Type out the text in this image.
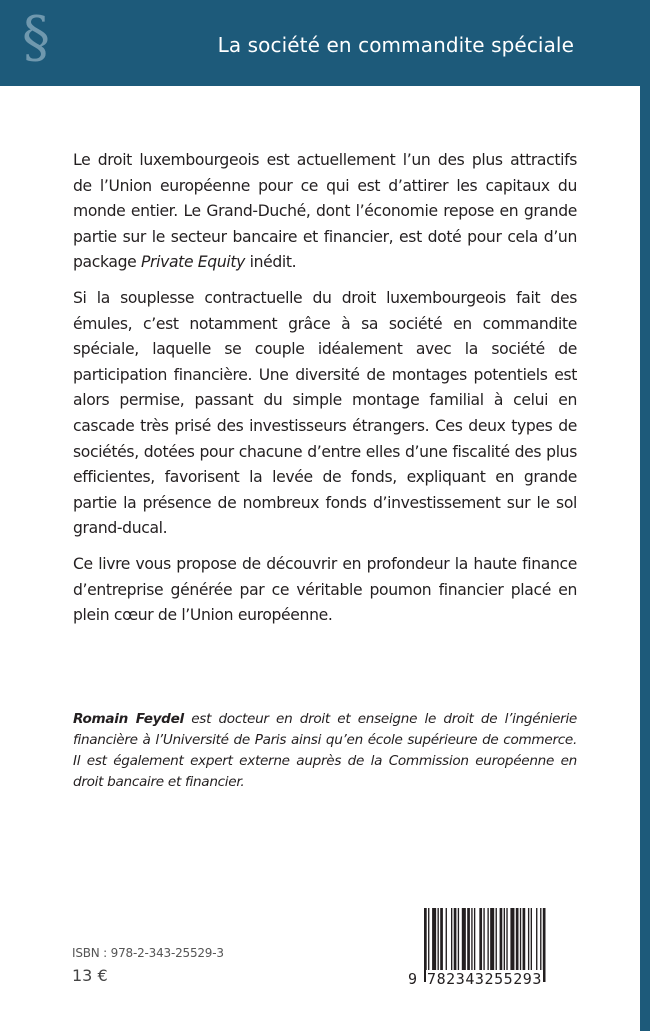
§	La société en commandite spéciale

Le droit luxembourgeois est actuellement l’un des plus attractifs de l’Union européenne pour ce qui est d’attirer les capitaux du monde entier. Le Grand-Duché, dont l’économie repose en grande partie sur le secteur bancaire et financier, est doté pour cela d’un package Private Equity inédit.

Si la souplesse contractuelle du droit luxembourgeois fait des émules, c’est notamment grâce à sa société en commandite spéciale, laquelle se couple idéalement avec la société de participation financière. Une diversité de montages potentiels est alors permise, passant du simple montage familial à celui en cascade très prisé des investisseurs étrangers. Ces deux types de sociétés, dotées pour chacune d’entre elles d’une fiscalité des plus efficientes, favorisent la levée de fonds, expliquant en grande partie la présence de nombreux fonds d’investissement sur le sol grand-ducal.

Ce livre vous propose de découvrir en profondeur la haute finance d’entreprise générée par ce véritable poumon financier placé en plein cœur de l’Union européenne.

Romain Feydel est docteur en droit et enseigne le droit de l’ingénierie financière à l’Université de Paris ainsi qu’en école supérieure de commerce. Il est également expert externe auprès de la Commission européenne en droit bancaire et financier.
ISBN : 978-2-343-25529-3
13 €	9 782343255293
